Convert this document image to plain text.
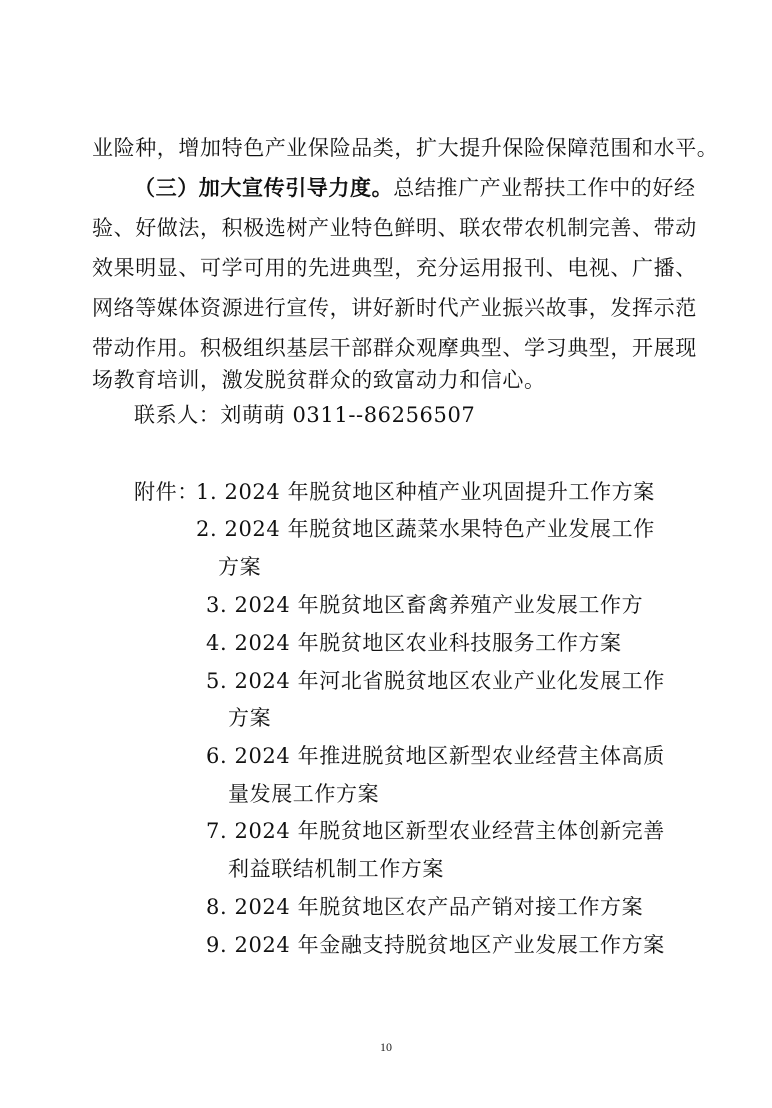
业险种，增加特色产业保险品类，扩大提升保险保障范围和水平。
（三）加大宣传引导力度。总结推广产业帮扶工作中的好经
验、好做法，积极选树产业特色鲜明、联农带农机制完善、带动
效果明显、可学可用的先进典型，充分运用报刊、电视、广播、
网络等媒体资源进行宣传，讲好新时代产业振兴故事，发挥示范
带动作用。积极组织基层干部群众观摩典型、学习典型，开展现
场教育培训，激发脱贫群众的致富动力和信心。
联系人：刘萌萌 0311--86256507
附件：
1. 2024 年脱贫地区种植产业巩固提升工作方案
2. 2024 年脱贫地区蔬菜水果特色产业发展工作
方案
3. 2024 年脱贫地区畜禽养殖产业发展工作方
4. 2024 年脱贫地区农业科技服务工作方案
5. 2024 年河北省脱贫地区农业产业化发展工作
方案
6. 2024 年推进脱贫地区新型农业经营主体高质
量发展工作方案
7. 2024 年脱贫地区新型农业经营主体创新完善
利益联结机制工作方案
8. 2024 年脱贫地区农产品产销对接工作方案
9. 2024 年金融支持脱贫地区产业发展工作方案
10
